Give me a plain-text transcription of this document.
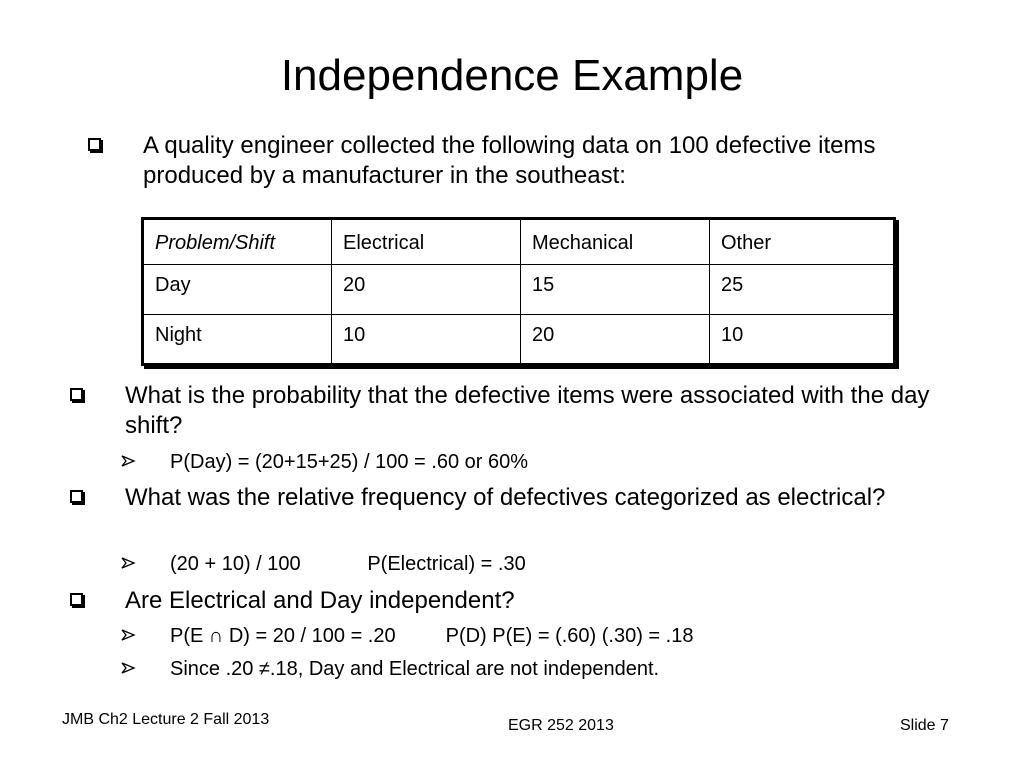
Independence Example
A quality engineer collected the following data on 100 defective items produced by a manufacturer in the southeast:
Problem/Shift	Electrical	Mechanical	Other
Day	20	15	25
Night	10	20	10
What is the probability that the defective items were associated with the day shift?
P(Day) = (20+15+25) / 100 = .60 or 60%
What was the relative frequency of defectives categorized as electrical?
(20 + 10) / 100            P(Electrical) = .30
Are Electrical and Day independent?
P(E ∩ D) = 20 / 100 = .20         P(D) P(E) = (.60) (.30) = .18
Since .20 ≠.18, Day and Electrical are not independent.
JMB Ch2 Lecture 2 Fall 2013	EGR 252 2013	Slide 7
